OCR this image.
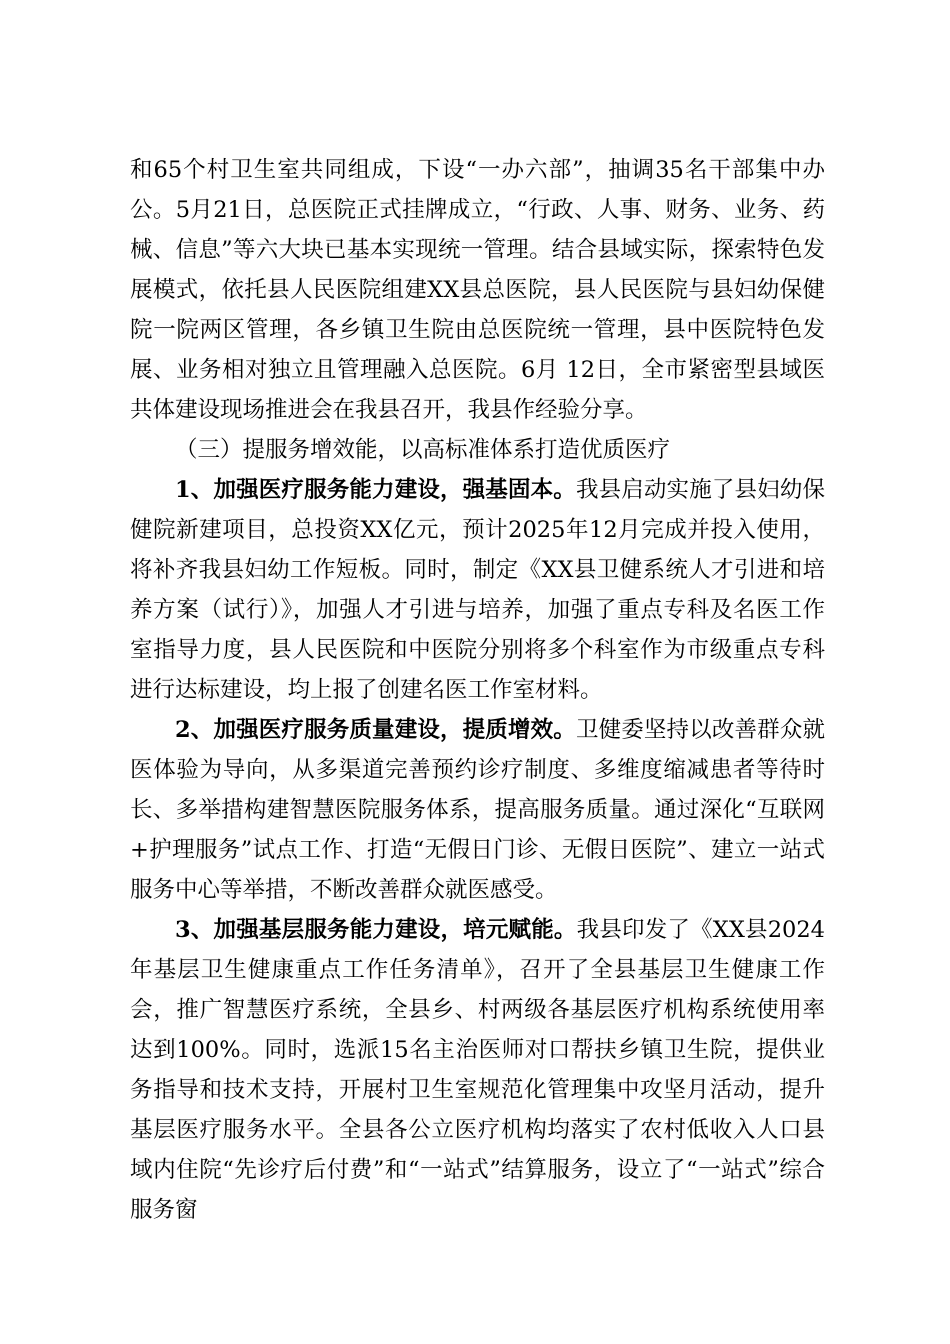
和65个村卫生室共同组成，下设“一办六部”，抽调35名干部集中办公。5月21日，总医院正式挂牌成立，“行政、人事、财务、业务、药械、信息”等六大块已基本实现统一管理。结合县域实际，探索特色发展模式，依托县人民医院组建XX县总医院，县人民医院与县妇幼保健院一院两区管理，各乡镇卫生院由总医院统一管理，县中医院特色发展、业务相对独立且管理融入总医院。6月 12日，全市紧密型县域医共体建设现场推进会在我县召开，我县作经验分享。

（三）提服务增效能，以高标准体系打造优质医疗

1、加强医疗服务能力建设，强基固本。我县启动实施了县妇幼保健院新建项目，总投资XX亿元，预计2025年12月完成并投入使用，将补齐我县妇幼工作短板。同时，制定《XX县卫健系统人才引进和培养方案（试行）》，加强人才引进与培养，加强了重点专科及名医工作室指导力度，县人民医院和中医院分别将多个科室作为市级重点专科进行达标建设，均上报了创建名医工作室材料。

2、加强医疗服务质量建设，提质增效。卫健委坚持以改善群众就医体验为导向，从多渠道完善预约诊疗制度、多维度缩减患者等待时长、多举措构建智慧医院服务体系，提高服务质量。通过深化“互联网+护理服务”试点工作、打造“无假日门诊、无假日医院”、建立一站式服务中心等举措，不断改善群众就医感受。

3、加强基层服务能力建设，培元赋能。我县印发了《XX县2024年基层卫生健康重点工作任务清单》，召开了全县基层卫生健康工作会，推广智慧医疗系统，全县乡、村两级各基层医疗机构系统使用率达到100%。同时，选派15名主治医师对口帮扶乡镇卫生院，提供业务指导和技术支持，开展村卫生室规范化管理集中攻坚月活动，提升基层医疗服务水平。全县各公立医疗机构均落实了农村低收入人口县域内住院“先诊疗后付费”和“一站式”结算服务，设立了“一站式”综合服务窗
